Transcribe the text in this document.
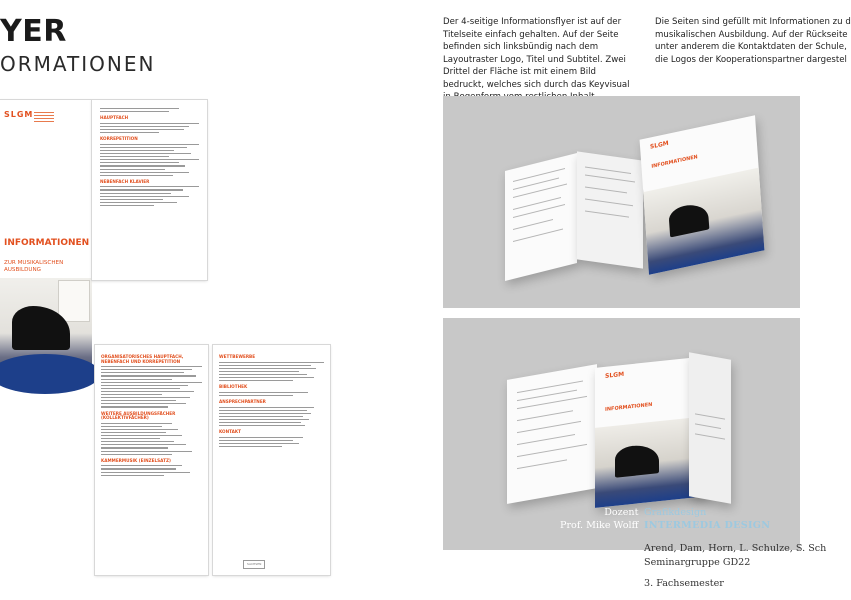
YER
ORMATIONEN
SLGM
INFORMATIONEN
ZUR MUSIKALISCHEN
AUSBILDUNG
HAUPTFACH
KORREPETITION
NEBENFACH KLAVIER
ORGANISATORISCHES HAUPTFACH, NEBENFACH UND KORREPETITION
WEITERE AUSBILDUNGSFÄCHER (KOLLEKTIVFÄCHER)
KAMMERMUSIK (EINZELSATZ)
WETTBEWERBE
BIBLIOTHEK
ANSPRECHPARTNER
KONTAKT
SACHSEN
Der 4-seitige Informationsflyer ist auf der Titelseite einfach gehalten. Auf der Seite befinden sich linksbündig nach dem Layoutraster Logo, Titel und Subtitel. Zwei Drittel der Fläche ist mit einem Bild bedruckt, welches sich durch das Keyvisual
Die Seiten sind gefüllt mit Informationen zu d
musikalischen Ausbildung. Auf der Rückseite
unter anderem die Kontaktdaten der Schule,
die Logos der Kooperationspartner dargestel
SLGM
INFORMATIONEN
SLGM
INFORMATIONEN
Dozent
Prof. Mike Wolff
Grafikdesign
INTERMEDIA DESIGN
Arend, Dam, Horn, L. Schulze, S. Sch
Seminargruppe GD22
3. Fachsemester
